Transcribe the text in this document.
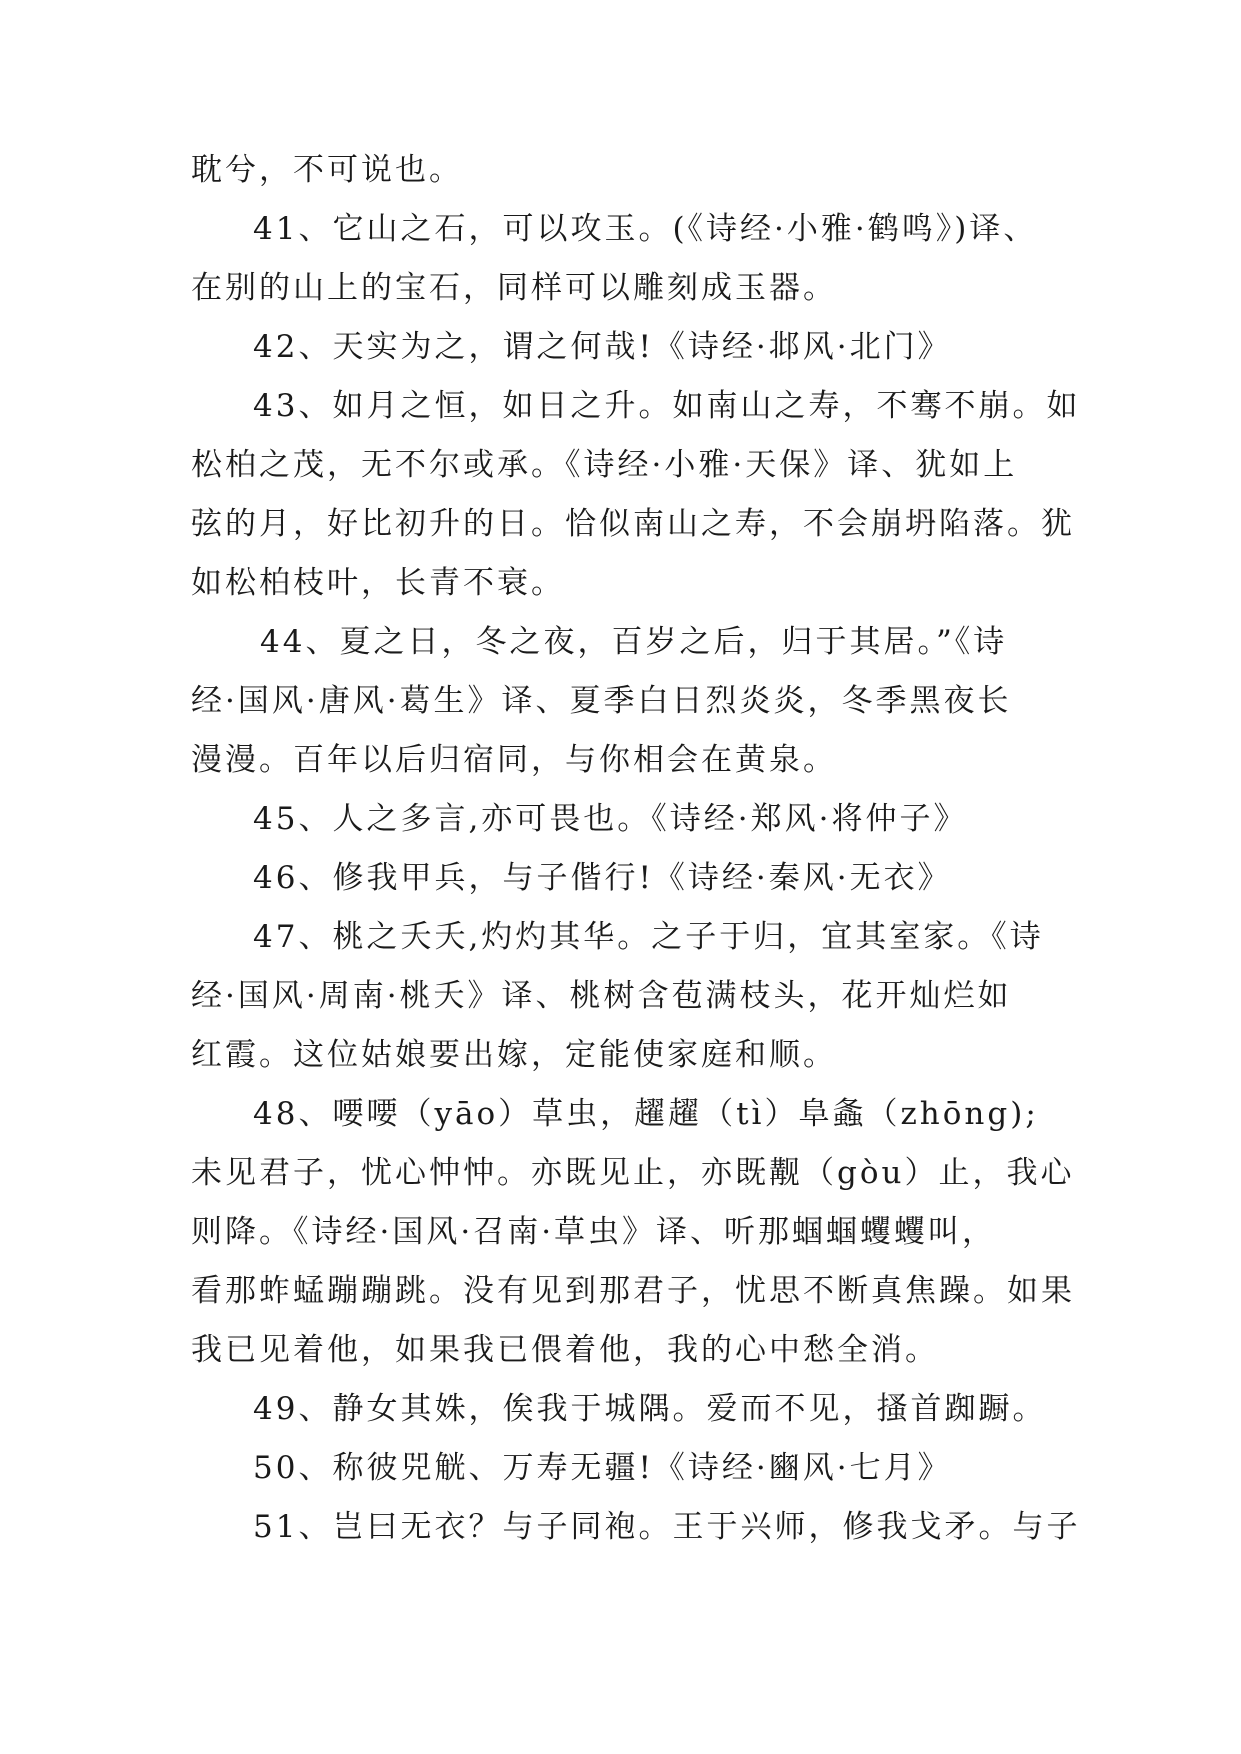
耽兮，不可说也。
41、它山之石，可以攻玉。(《诗经·小雅·鹤鸣》)译、
在别的山上的宝石，同样可以雕刻成玉器。
42、天实为之，谓之何哉!《诗经·邶风·北门》
43、如月之恒，如日之升。如南山之寿，不骞不崩。如
松柏之茂，无不尔或承。《诗经·小雅·天保》译、犹如上
弦的月，好比初升的日。恰似南山之寿，不会崩坍陷落。犹
如松柏枝叶，长青不衰。
44、夏之日，冬之夜，百岁之后，归于其居。”《诗
经·国风·唐风·葛生》译、夏季白日烈炎炎，冬季黑夜长
漫漫。百年以后归宿同，与你相会在黄泉。
45、人之多言,亦可畏也。《诗经·郑风·将仲子》
46、修我甲兵，与子偕行!《诗经·秦风·无衣》
47、桃之夭夭,灼灼其华。之子于归，宜其室家。《诗
经·国风·周南·桃夭》译、桃树含苞满枝头，花开灿烂如
红霞。这位姑娘要出嫁，定能使家庭和顺。
48、喓喓（yāo）草虫，趯趯（tì）阜螽（zhōng);
未见君子，忧心忡忡。亦既见止，亦既觏（gòu）止，我心
则降。《诗经·国风·召南·草虫》译、听那蝈蝈蠼蠼叫，
看那蚱蜢蹦蹦跳。没有见到那君子，忧思不断真焦躁。如果
我已见着他，如果我已偎着他，我的心中愁全消。
49、静女其姝，俟我于城隅。爱而不见，搔首踟蹰。
50、称彼兕觥、万寿无疆!《诗经·豳风·七月》
51、岂曰无衣？与子同袍。王于兴师，修我戈矛。与子
